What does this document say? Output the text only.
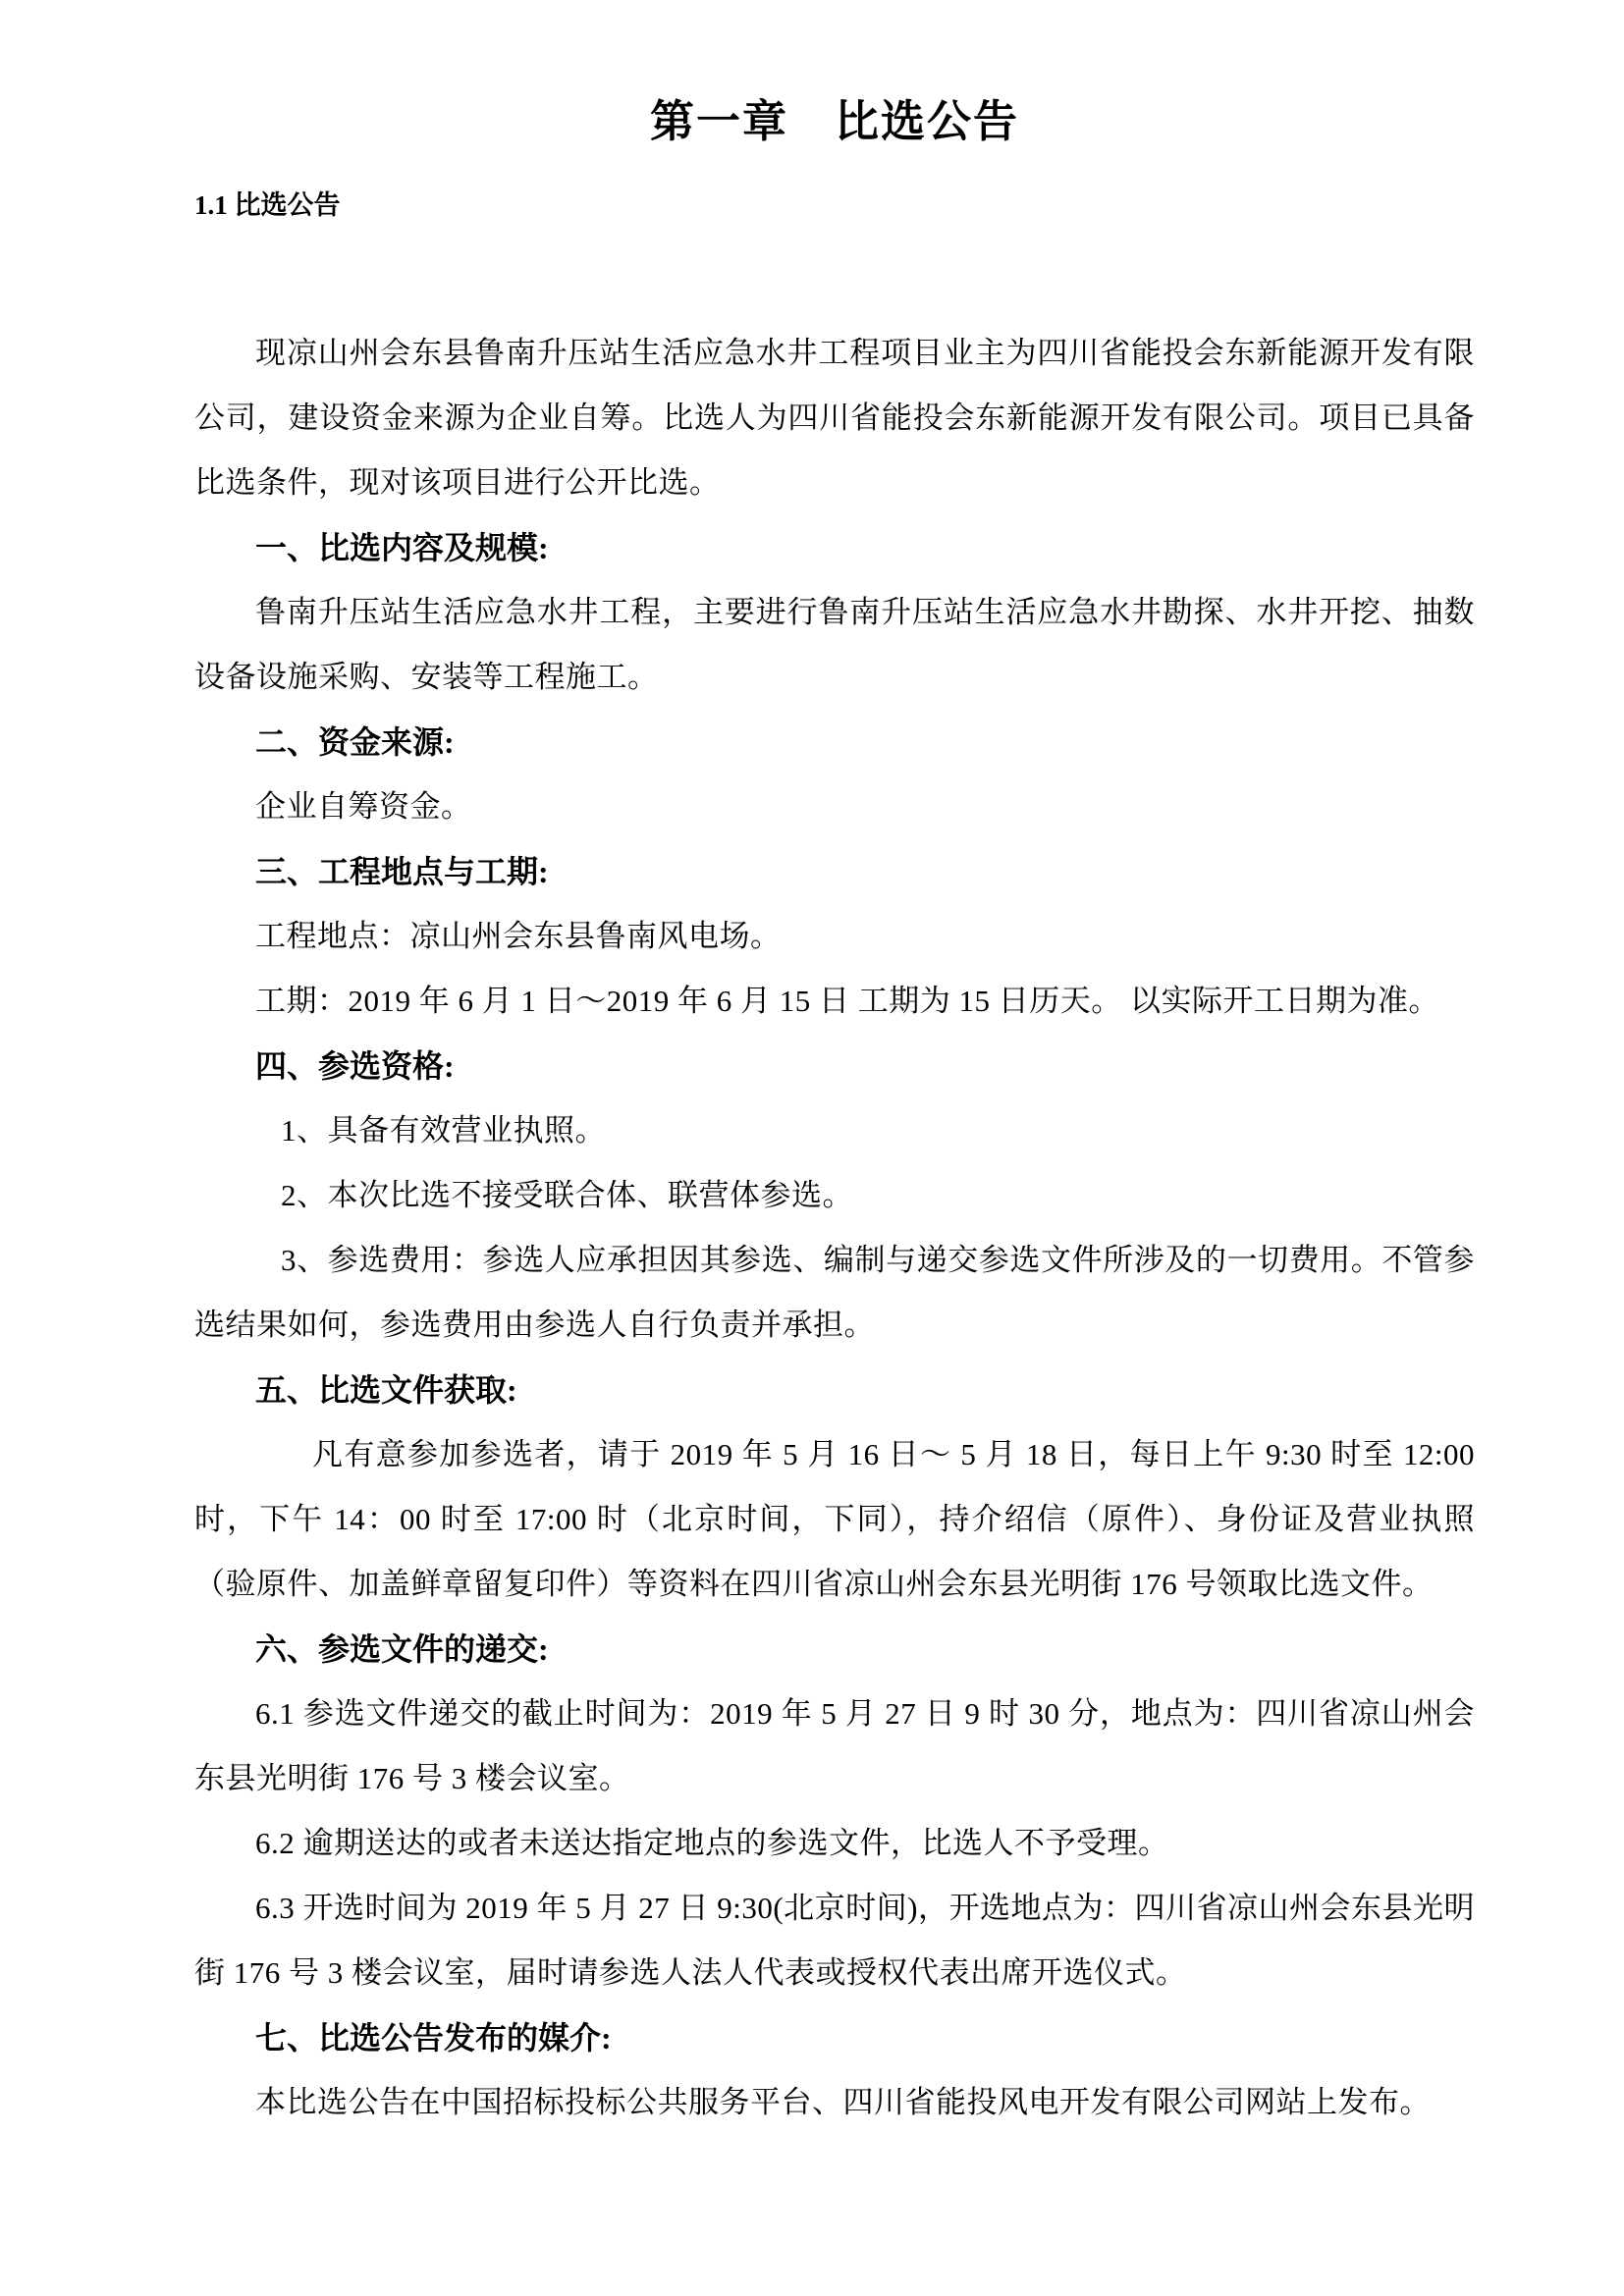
第一章　比选公告
1.1 比选公告

现凉山州会东县鲁南升压站生活应急水井工程项目业主为四川省能投会东新能源开发有限公司，建设资金来源为企业自筹。比选人为四川省能投会东新能源开发有限公司。项目已具备比选条件，现对该项目进行公开比选。

一、比选内容及规模:

鲁南升压站生活应急水井工程，主要进行鲁南升压站生活应急水井勘探、水井开挖、抽数设备设施采购、安装等工程施工。

二、资金来源:

企业自筹资金。

三、工程地点与工期:

工程地点：凉山州会东县鲁南风电场。

工期：2019 年 6 月 1 日～2019 年 6 月 15 日 工期为 15 日历天。 以实际开工日期为准。

四、参选资格:

1、具备有效营业执照。

2、本次比选不接受联合体、联营体参选。

3、参选费用：参选人应承担因其参选、编制与递交参选文件所涉及的一切费用。不管参选结果如何，参选费用由参选人自行负责并承担。

五、比选文件获取:

凡有意参加参选者，请于 2019 年 5 月 16 日～ 5 月 18 日，每日上午 9:30 时至 12:00 时，下午 14：00 时至 17:00 时（北京时间，下同），持介绍信（原件）、身份证及营业执照（验原件、加盖鲜章留复印件）等资料在四川省凉山州会东县光明街 176 号领取比选文件。

六、参选文件的递交:

6.1 参选文件递交的截止时间为：2019 年 5 月 27 日 9 时 30 分，地点为：四川省凉山州会东县光明街 176 号 3 楼会议室。

6.2 逾期送达的或者未送达指定地点的参选文件，比选人不予受理。

6.3 开选时间为 2019 年 5 月 27 日 9:30(北京时间)，开选地点为：四川省凉山州会东县光明街 176 号 3 楼会议室，届时请参选人法人代表或授权代表出席开选仪式。

七、比选公告发布的媒介:

本比选公告在中国招标投标公共服务平台、四川省能投风电开发有限公司网站上发布。
